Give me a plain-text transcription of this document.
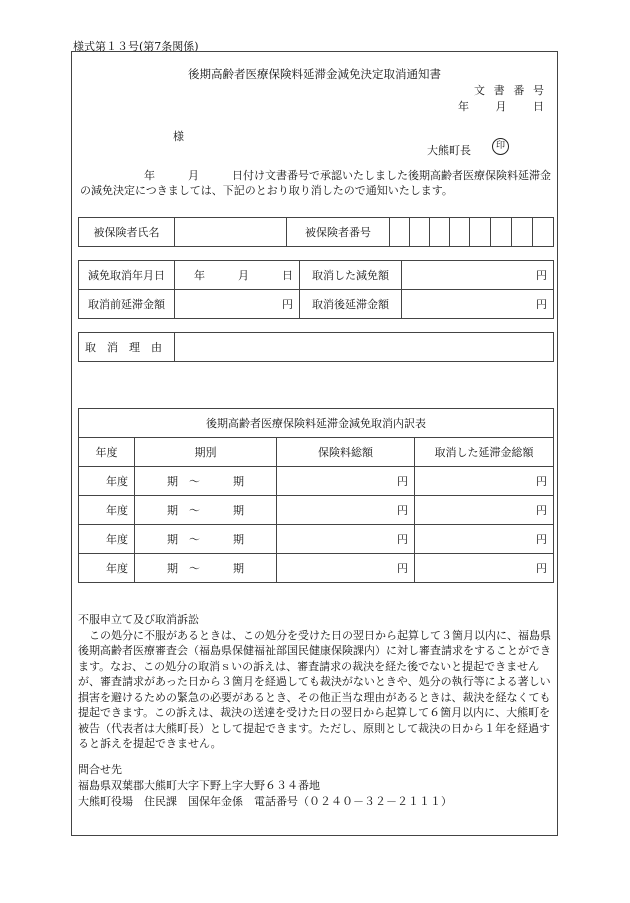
様式第１３号(第7条関係)
後期高齢者医療保険料延滞金減免決定取消通知書
文 書 番 号
年 月 日
様
大熊町長	印
年　　　	月　　　	日付け文書番号で承認いたしました後期高齢者医療保険料延滞金の減免決定につきましては、下記のとおり取り消したので通知いたします。
被保険者氏名		被保険者番号								
減免取消年月日	年　　　 月　　　 日	取消した減免額	円
取消前延滞金額	円	取消後延滞金額	円
取消理由	
後期高齢者医療保険料延滞金減免取消内訳表			
年度	期別	保険料総額	取消した延滞金総額
年度	期　 ～　　　 期	円	円
年度	期　 ～　　　 期	円	円
年度	期　 ～　　　 期	円	円
年度	期　 ～　　　 期	円	円
不服申立て及び取消訴訟
この処分に不服があるときは、この処分を受けた日の翌日から起算して３箇月以内に、福島県後期高齢者医療審査会（福島県保健福祉部国民健康保険課内）に対し審査請求をすることができます。なお、この処分の取消ｓいの訴えは、審査請求の裁決を経た後でないと提起できませんが、審査請求があった日から３箇月を経過しても裁決がないときや、処分の執行等による著しい損害を避けるための緊急の必要があるとき、その他正当な理由があるときは、裁決を経なくても提起できます。この訴えは、裁決の送達を受けた日の翌日から起算して６箇月以内に、大熊町を被告（代表者は大熊町長）として提起できます。ただし、原則として裁決の日から１年を経過すると訴えを提起できません。
問合せ先
福島県双葉郡大熊町大字下野上字大野６３４番地
大熊町役場　住民課　国保年金係　電話番号（０２４０－３２－２１１１）
